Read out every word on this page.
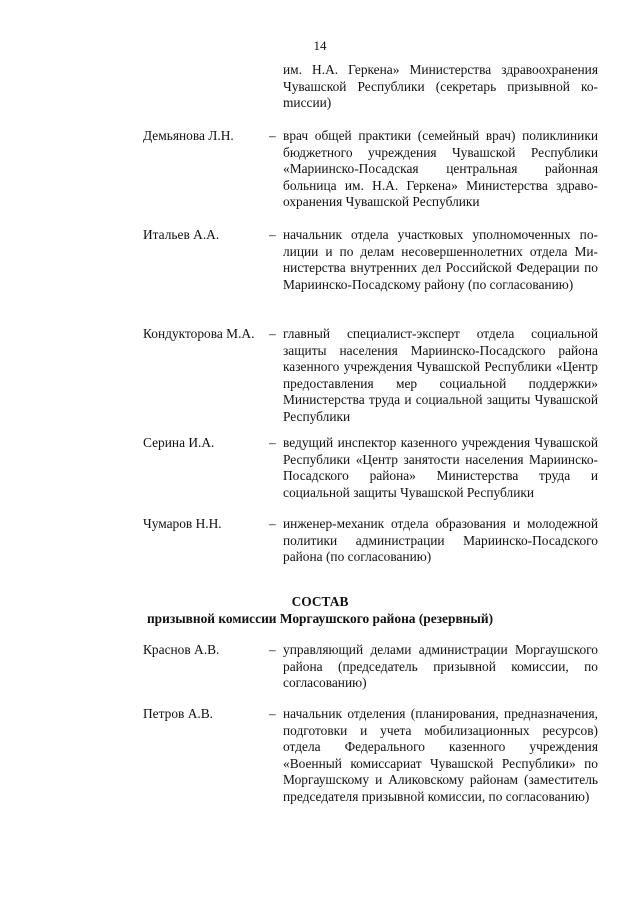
14
им. Н.А. Геркена» Министерства здравоохранения Чувашской Республики (секретарь призывной коmиссии)
Демьянова Л.Н.	– врач общей практики (семейный врач) поликлиники бюджетного учреждения Чувашской Республики «Мариинско-Посадская центральная районная больница им. Н.А. Геркена» Министерства здравоохранения Чувашской Республики
Итальев А.А.	– начальник отдела участковых уполномоченных полиции и по делам несовершеннолетних отдела Министерства внутренних дел Российской Федерации по Мариинско-Посадскому району (по согласованию)
Кондукторова М.А. – главный специалист-эксперт отдела социальной защиты населения Мариинско-Посадского района казенного учреждения Чувашской Республики «Центр предоставления мер социальной поддержки» Министерства труда и социальной защиты Чувашской Республики
Серина И.А.	– ведущий инспектор казенного учреждения Чувашской Республики «Центр занятости населения Мариинско-Посадского района» Министерства труда и социальной защиты Чувашской Республики
Чумаров Н.Н.	– инженер-механик отдела образования и молодежной политики администрации Мариинско-Посадского района (по согласованию)
СОСТАВ
призывной комиссии Моргаушского района (резервный)
Краснов А.В.	– управляющий делами администрации Моргаушского района (председатель призывной комиссии, по согласованию)
Петров А.В.	– начальник отделения (планирования, предназначения, подготовки и учета мобилизационных ресурсов) отдела Федерального казенного учреждения «Военный комиссариат Чувашской Республики» по Моргаушскому и Аликовскому районам (заместитель председателя призывной комиссии, по согласованию)
